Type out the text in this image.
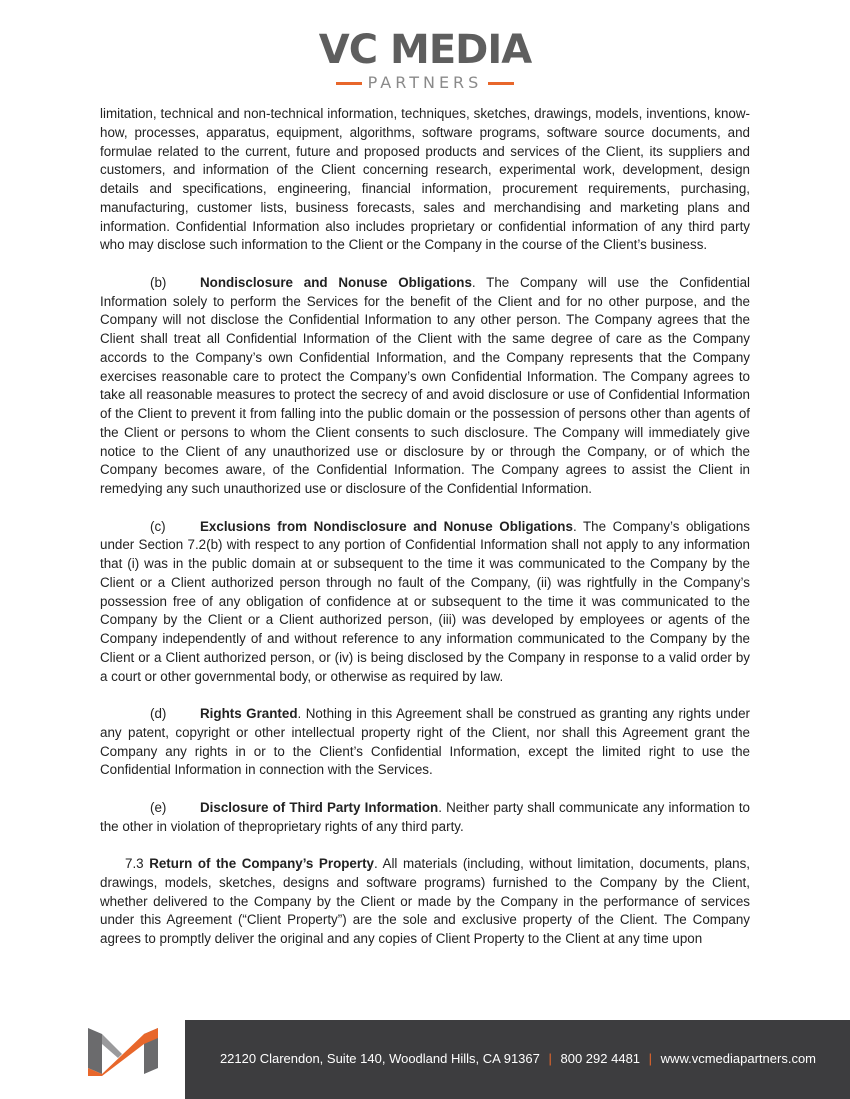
VC MEDIA
PARTNERS

limitation, technical and non-technical information, techniques, sketches, drawings, models, inventions, know-how, processes, apparatus, equipment, algorithms, software programs, software source documents, and formulae related to the current, future and proposed products and services of the Client, its suppliers and customers, and information of the Client concerning research, experimental work, development, design details and specifications, engineering, financial information, procurement requirements, purchasing, manufacturing, customer lists, business forecasts, sales and merchandising and marketing plans and information. Confidential Information also includes proprietary or confidential information of any third party who may disclose such information to the Client or the Company in the course of the Client’s business.

(b)	Nondisclosure and Nonuse Obligations. The Company will use the Confidential Information solely to perform the Services for the benefit of the Client and for no other purpose, and the Company will not disclose the Confidential Information to any other person. The Company agrees that the Client shall treat all Confidential Information of the Client with the same degree of care as the Company accords to the Company’s own Confidential Information, and the Company represents that the Company exercises reasonable care to protect the Company’s own Confidential Information. The Company agrees to take all reasonable measures to protect the secrecy of and avoid disclosure or use of Confidential Information of the Client to prevent it from falling into the public domain or the possession of persons other than agents of the Client or persons to whom the Client consents to such disclosure. The Company will immediately give notice to the Client of any unauthorized use or disclosure by or through the Company, or of which the Company becomes aware, of the Confidential Information. The Company agrees to assist the Client in remedying any such unauthorized use or disclosure of the Confidential Information.

(c)	Exclusions from Nondisclosure and Nonuse Obligations. The Company’s obligations under Section 7.2(b) with respect to any portion of Confidential Information shall not apply to any information that (i) was in the public domain at or subsequent to the time it was communicated to the Company by the Client or a Client authorized person through no fault of the Company, (ii) was rightfully in the Company’s possession free of any obligation of confidence at or subsequent to the time it was communicated to the Company by the Client or a Client authorized person, (iii) was developed by employees or agents of the Company independently of and without reference to any information communicated to the Company by the Client or a Client authorized person, or (iv) is being disclosed by the Company in response to a valid order by a court or other governmental body, or otherwise as required by law.

(d)	Rights Granted. Nothing in this Agreement shall be construed as granting any rights under any patent, copyright or other intellectual property right of the Client, nor shall this Agreement grant the Company any rights in or to the Client’s Confidential Information, except the limited right to use the Confidential Information in connection with the Services.

(e)	Disclosure of Third Party Information. Neither party shall communicate any information to the other in violation of theproprietary rights of any third party.

7.3 Return of the Company’s Property. All materials (including, without limitation, documents, plans, drawings, models, sketches, designs and software programs) furnished to the Company by the Client, whether delivered to the Company by the Client or made by the Company in the performance of services under this Agreement (“Client Property”) are the sole and exclusive property of the Client. The Company agrees to promptly deliver the original and any copies of Client Property to the Client at any time upon

22120 Clarendon, Suite 140, Woodland Hills, CA 91367 | 800 292 4481 | www.vcmediapartners.com
